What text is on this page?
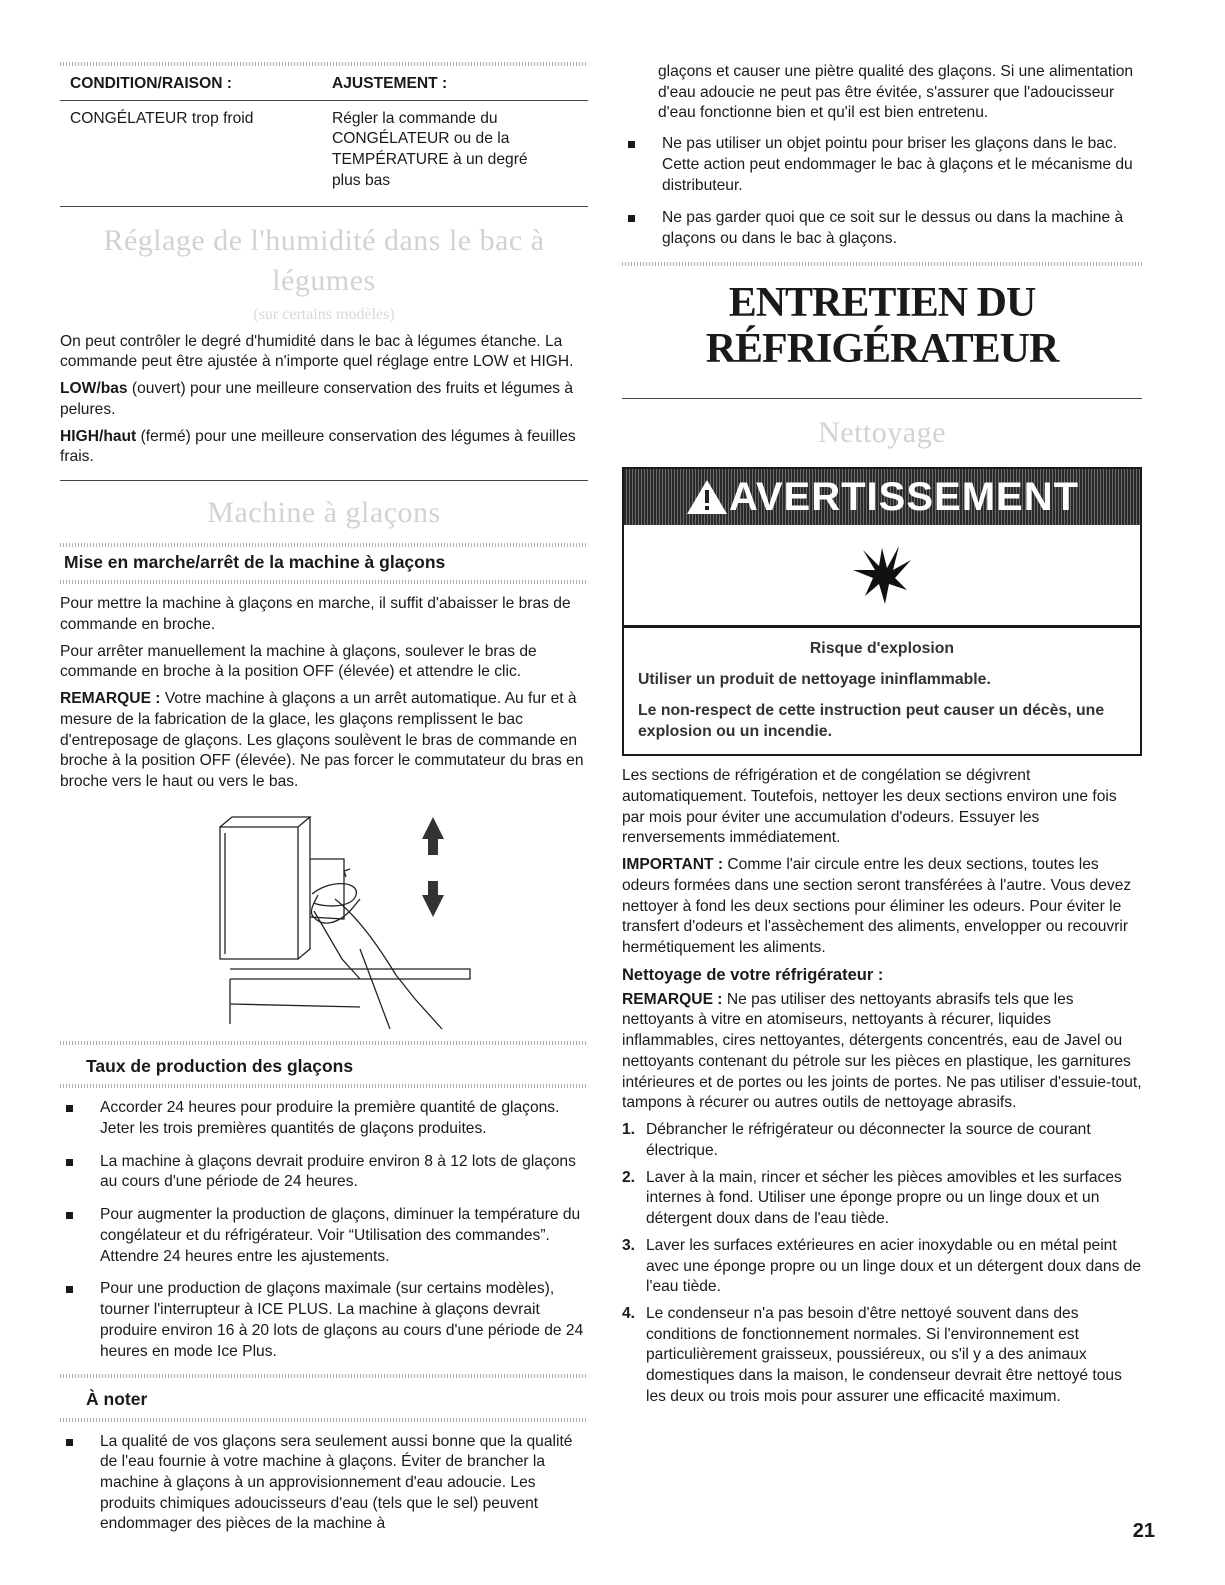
CONDITION/RAISON :	AJUSTEMENT :
CONGÉLATEUR trop froid	Régler la commande du CONGÉLATEUR ou de la TEMPÉRATURE à un degré plus bas
Réglage de l'humidité dans le bac à légumes
(sur certains modèles)

On peut contrôler le degré d'humidité dans le bac à légumes étanche. La commande peut être ajustée à n'importe quel réglage entre LOW et HIGH.

LOW/bas (ouvert) pour une meilleure conservation des fruits et légumes à pelures.

HIGH/haut (fermé) pour une meilleure conservation des légumes à feuilles frais.

Machine à glaçons
Mise en marche/arrêt de la machine à glaçons

Pour mettre la machine à glaçons en marche, il suffit d'abaisser le bras de commande en broche.

Pour arrêter manuellement la machine à glaçons, soulever le bras de commande en broche à la position OFF (élevée) et attendre le clic.

REMARQUE : Votre machine à glaçons a un arrêt automatique. Au fur et à mesure de la fabrication de la glace, les glaçons remplissent le bac d'entreposage de glaçons. Les glaçons soulèvent le bras de commande en broche à la position OFF (élevée). Ne pas forcer le commutateur du bras en broche vers le haut ou vers le bas.

Taux de production des glaçons
Accorder 24 heures pour produire la première quantité de glaçons. Jeter les trois premières quantités de glaçons produites.
La machine à glaçons devrait produire environ 8 à 12 lots de glaçons au cours d'une période de 24 heures.
Pour augmenter la production de glaçons, diminuer la température du congélateur et du réfrigérateur. Voir “Utilisation des commandes”. Attendre 24 heures entre les ajustements.
Pour une production de glaçons maximale (sur certains modèles), tourner l'interrupteur à ICE PLUS. La machine à glaçons devrait produire environ 16 à 20 lots de glaçons au cours d'une période de 24 heures en mode Ice Plus.
À noter
La qualité de vos glaçons sera seulement aussi bonne que la qualité de l'eau fournie à votre machine à glaçons. Éviter de brancher la machine à glaçons à un approvisionnement d'eau adoucie. Les produits chimiques adoucisseurs d'eau (tels que le sel) peuvent endommager des pièces de la machine à

glaçons et causer une piètre qualité des glaçons. Si une alimentation d'eau adoucie ne peut pas être évitée, s'assurer que l'adoucisseur d'eau fonctionne bien et qu'il est bien entretenu.

Ne pas utiliser un objet pointu pour briser les glaçons dans le bac. Cette action peut endommager le bac à glaçons et le mécanisme du distributeur.
Ne pas garder quoi que ce soit sur le dessus ou dans la machine à glaçons ou dans le bac à glaçons.
ENTRETIEN DU
RÉFRIGÉRATEUR
Nettoyage
AVERTISSEMENT

Risque d'explosion

Utiliser un produit de nettoyage ininflammable.

Le non-respect de cette instruction peut causer un décès, une explosion ou un incendie.

Les sections de réfrigération et de congélation se dégivrent automatiquement. Toutefois, nettoyer les deux sections environ une fois par mois pour éviter une accumulation d'odeurs. Essuyer les renversements immédiatement.

IMPORTANT : Comme l'air circule entre les deux sections, toutes les odeurs formées dans une section seront transférées à l'autre. Vous devez nettoyer à fond les deux sections pour éliminer les odeurs. Pour éviter le transfert d'odeurs et l'assèchement des aliments, envelopper ou recouvrir hermétiquement les aliments.

Nettoyage de votre réfrigérateur :

REMARQUE : Ne pas utiliser des nettoyants abrasifs tels que les nettoyants à vitre en atomiseurs, nettoyants à récurer, liquides inflammables, cires nettoyantes, détergents concentrés, eau de Javel ou nettoyants contenant du pétrole sur les pièces en plastique, les garnitures intérieures et de portes ou les joints de portes. Ne pas utiliser d'essuie-tout, tampons à récurer ou autres outils de nettoyage abrasifs.

1. Débrancher le réfrigérateur ou déconnecter la source de courant électrique.
2. Laver à la main, rincer et sécher les pièces amovibles et les surfaces internes à fond. Utiliser une éponge propre ou un linge doux et un détergent doux dans de l'eau tiède.
3. Laver les surfaces extérieures en acier inoxydable ou en métal peint avec une éponge propre ou un linge doux et un détergent doux dans de l'eau tiède.
4. Le condenseur n'a pas besoin d'être nettoyé souvent dans des conditions de fonctionnement normales. Si l'environnement est particulièrement graisseux, poussiéreux, ou s'il y a des animaux domestiques dans la maison, le condenseur devrait être nettoyé tous les deux ou trois mois pour assurer une efficacité maximum.
21
